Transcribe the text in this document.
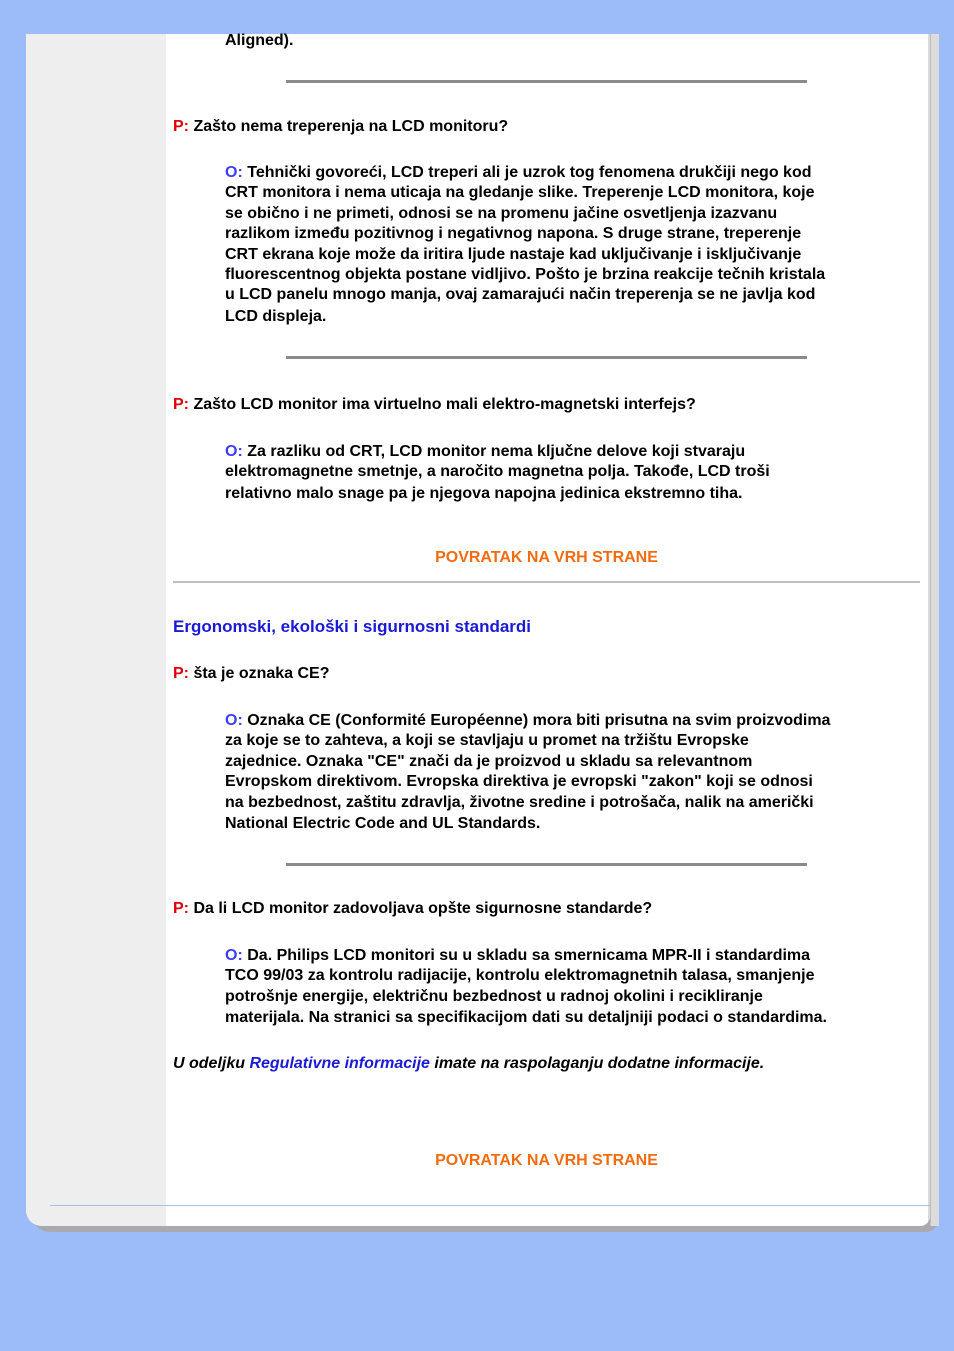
Aligned).

P: Zašto nema treperenja na LCD monitoru?

O: Tehnički govoreći, LCD treperi ali je uzrok tog fenomena drukčiji nego kod
CRT monitora i nema uticaja na gledanje slike. Treperenje LCD monitora, koje
se obično i ne primeti, odnosi se na promenu jačine osvetljenja izazvanu
razlikom između pozitivnog i negativnog napona. S druge strane, treperenje
CRT ekrana koje može da iritira ljude nastaje kad uključivanje i isključivanje
fluorescentnog objekta postane vidljivo. Pošto je brzina reakcije tečnih kristala
u LCD panelu mnogo manja, ovaj zamarajući način treperenja se ne javlja kod
LCD displeja.

P: Zašto LCD monitor ima virtuelno mali elektro-magnetski interfejs?

O: Za razliku od CRT, LCD monitor nema ključne delove koji stvaraju
elektromagnetne smetnje, a naročito magnetna polja. Takođe, LCD troši
relativno malo snage pa je njegova napojna jedinica ekstremno tiha.
POVRATAK NA VRH STRANE
Ergonomski, ekološki i sigurnosni standardi

P: šta je oznaka CE?

O: Oznaka CE (Conformité Européenne) mora biti prisutna na svim proizvodima
za koje se to zahteva, a koji se stavljaju u promet na tržištu Evropske
zajednice. Oznaka "CE" znači da je proizvod u skladu sa relevantnom
Evropskom direktivom. Evropska direktiva je evropski "zakon" koji se odnosi
na bezbednost, zaštitu zdravlja, životne sredine i potrošača, nalik na američki
National Electric Code and UL Standards.

P: Da li LCD monitor zadovoljava opšte sigurnosne standarde?

O: Da. Philips LCD monitori su u skladu sa smernicama MPR-II i standardima
TCO 99/03 za kontrolu radijacije, kontrolu elektromagnetnih talasa, smanjenje
potrošnje energije, električnu bezbednost u radnoj okolini i recikliranje
materijala. Na stranici sa specifikacijom dati su detaljniji podaci o standardima.
U odeljku Regulativne informacije imate na raspolaganju dodatne informacije.
POVRATAK NA VRH STRANE
